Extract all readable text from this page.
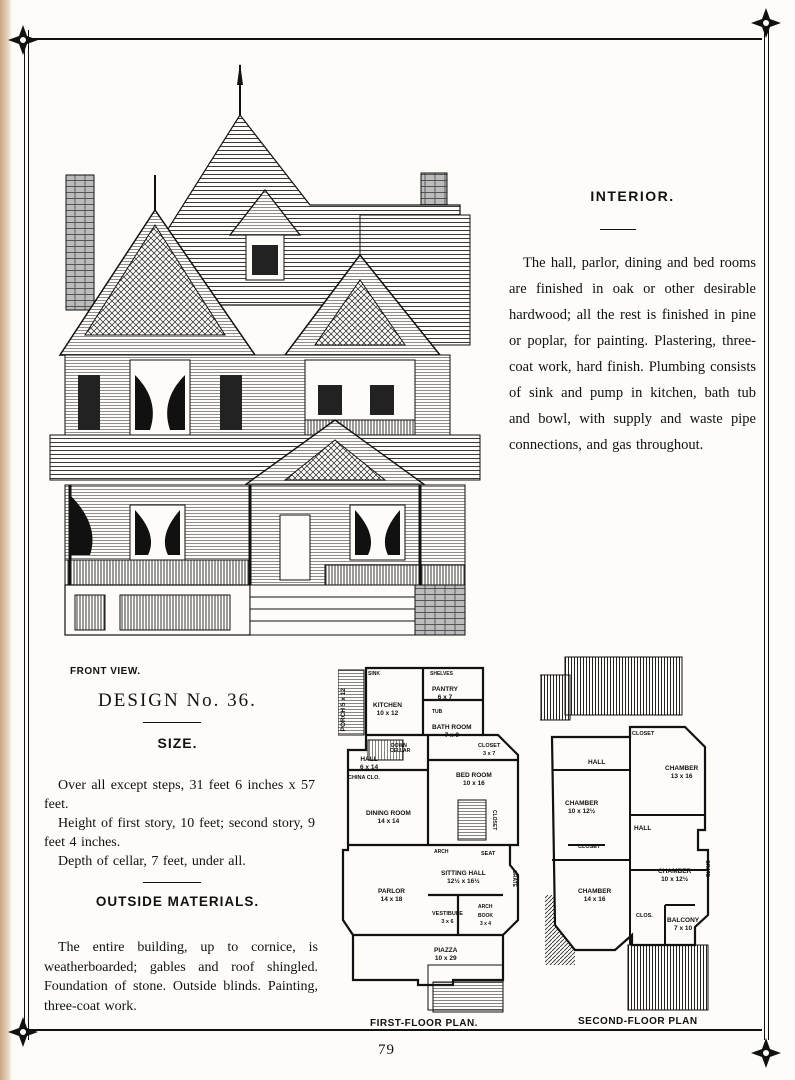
FRONT VIEW.
INTERIOR.
The hall, parlor, dining and bed rooms are finished in oak or other desirable hardwood; all the rest is finished in pine or poplar, for painting. Plastering, three-coat work, hard finish. Plumbing consists of sink and pump in kitchen, bath tub and bowl, with supply and waste pipe connections, and gas throughout.
DESIGN No. 36.
SIZE.

Over all except steps, 31 feet 6 inches x 57 feet.

Height of first story, 10 feet; second story, 9 feet 4 inches.

Depth of cellar, 7 feet, under all.

OUTSIDE MATERIALS.
The entire building, up to cornice, is weatherboarded; gables and roof shingled. Foundation of stone. Outside blinds. Painting, three-coat work.
SINK	SHELVES
PORCH 5 x 12	KITCHEN
10 x 12
PANTRY
6 x 7
TUB
BATH ROOM
7 x 9
DOWN CELLAR
CLOSET
3 x 7
HALL
6 x 14
BED ROOM
10 x 16
CHINA CLO.
DINING ROOM
14 x 14	CLOSET
ARCH	SEAT
SITTING HALL
12½ x 16½	GRATE
PARLOR
14 x 18
VESTIBULE
3 x 6
ARCH
BOOK
3 x 4
PIAZZA
10 x 29
FIRST-FLOOR PLAN.
CLOSET
HALL
CHAMBER
13 x 16
CHAMBER
10 x 12½
HALL
CLOSET
CHAMBER
10 x 12½
GRATE
CHAMBER
14 x 16
CLOS.
BALCONY
7 x 10
SECOND-FLOOR PLAN
79
